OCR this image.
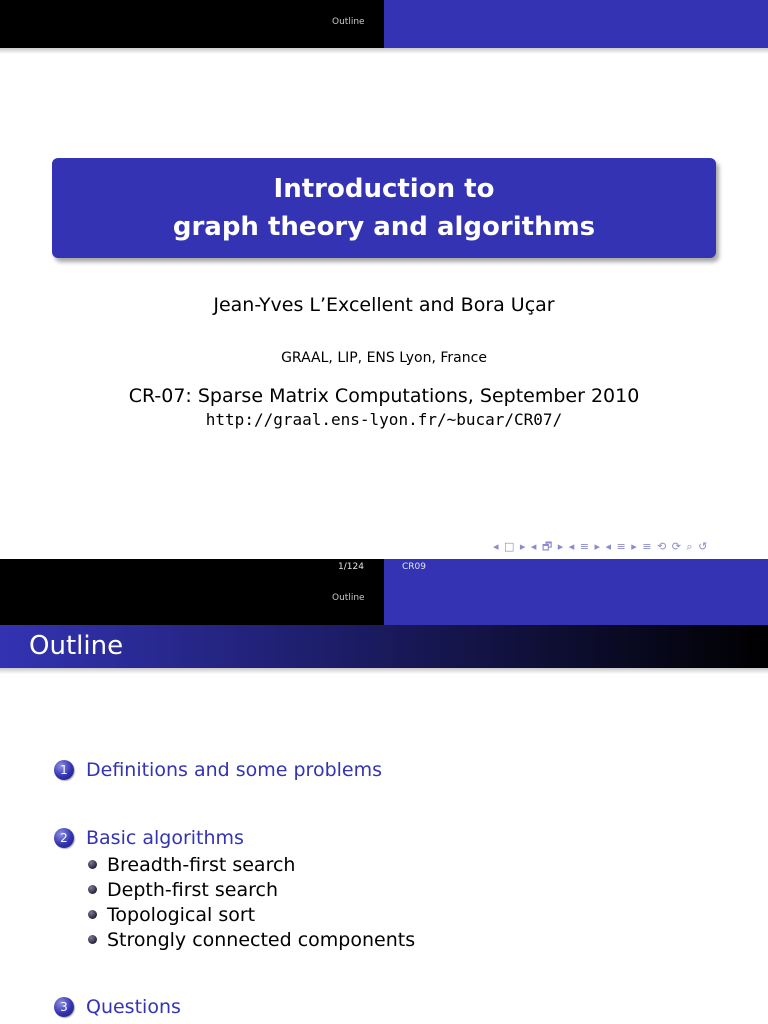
Outline
Introduction to
graph theory and algorithms
Jean-Yves L’Excellent and Bora Uçar
GRAAL, LIP, ENS Lyon, France
CR-07: Sparse Matrix Computations, September 2010
http://graal.ens-lyon.fr/~bucar/CR07/
◂ □ ▸ ◂ 🗗 ▸ ◂ ≡ ▸ ◂ ≡ ▸ ≡ ⟲ ⟳ ⌕ ↺
1/124	CR09
Outline
Outline
1 Definitions and some problems
2 Basic algorithms
Breadth-first search
Depth-first search
Topological sort
Strongly connected components
3 Questions
